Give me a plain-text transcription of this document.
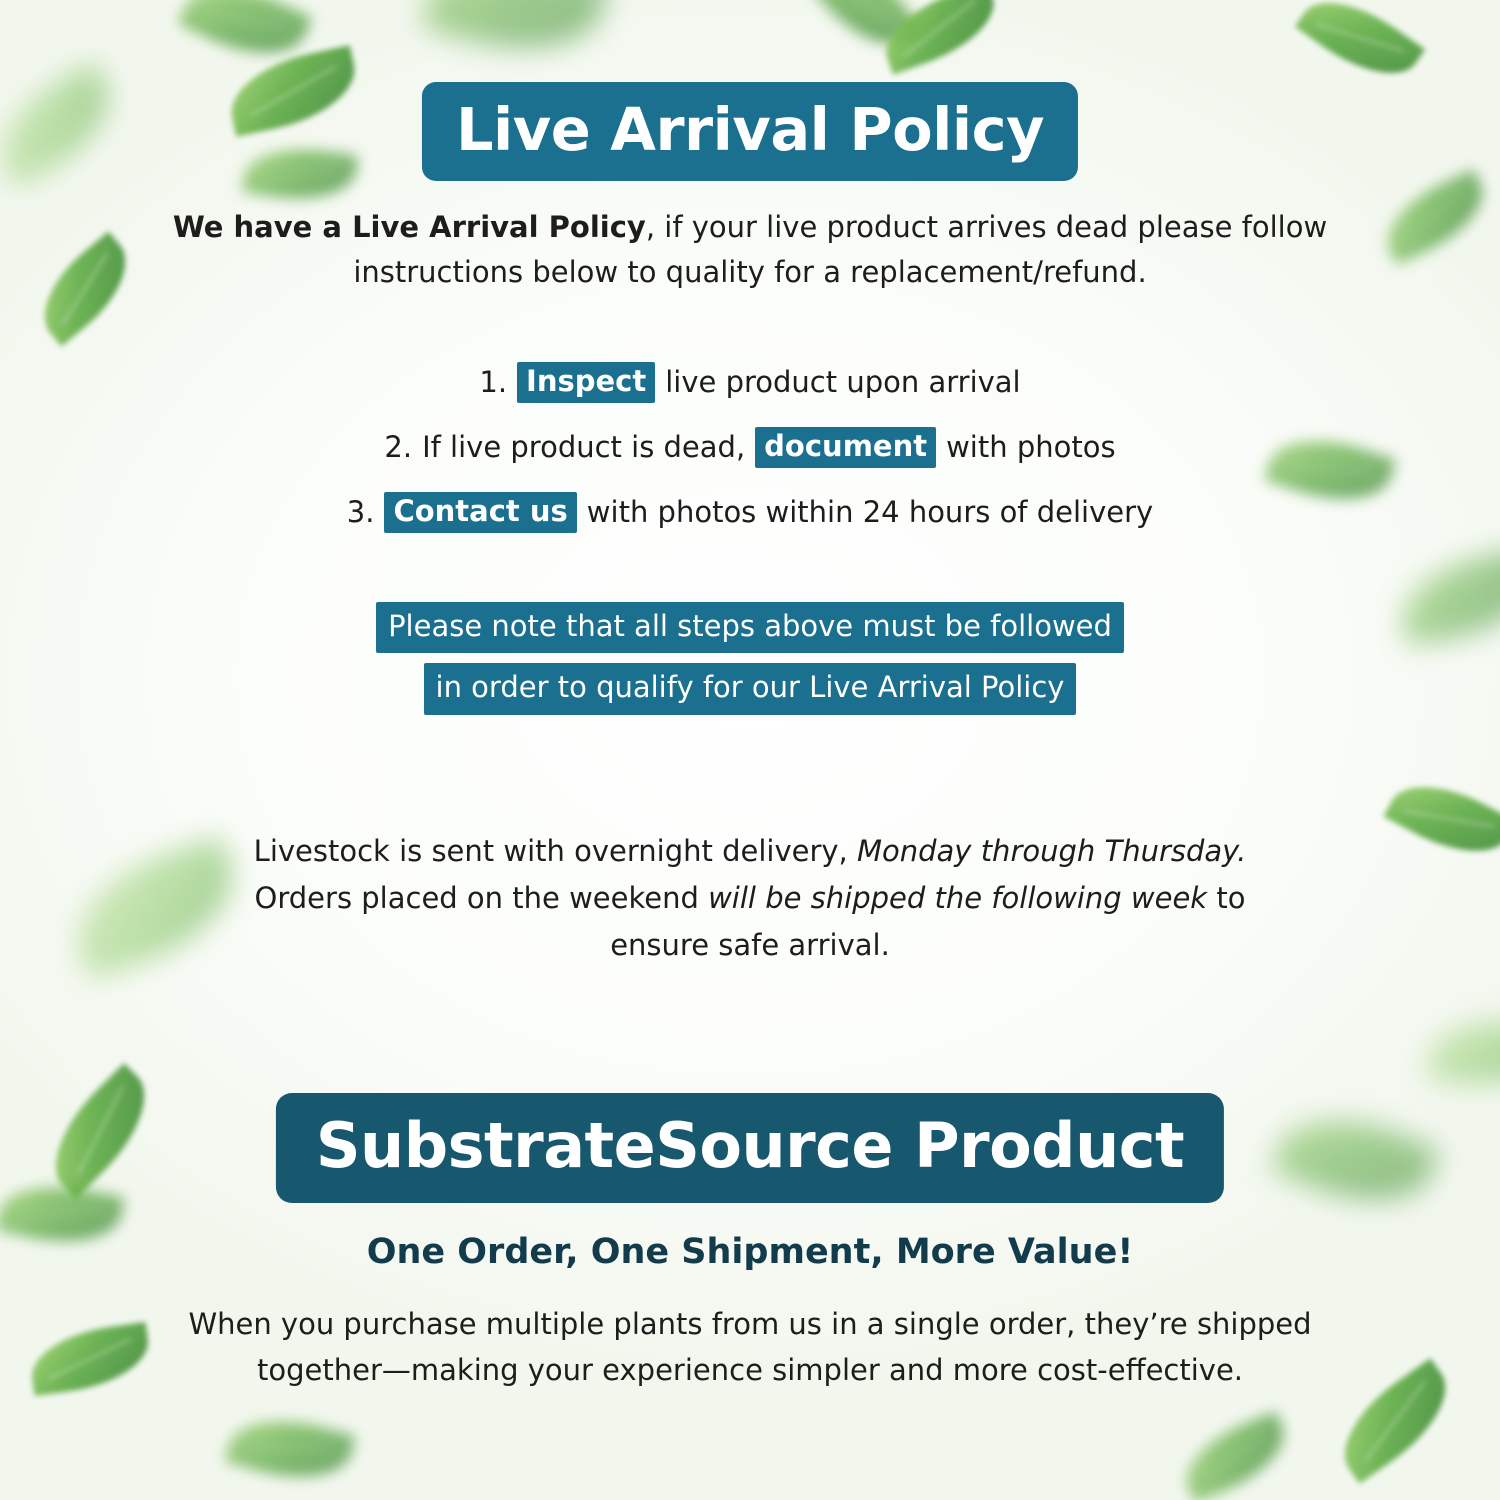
Live Arrival Policy
We have a Live Arrival Policy, if your live product arrives dead please follow instructions below to quality for a replacement/refund.
1. Inspect live product upon arrival
2. If live product is dead, document with photos
3. Contact us with photos within 24 hours of delivery
Please note that all steps above must be followed
in order to qualify for our Live Arrival Policy
Livestock is sent with overnight delivery, Monday through Thursday. Orders placed on the weekend will be shipped the following week to ensure safe arrival.
SubstrateSource Product
One Order, One Shipment, More Value!
When you purchase multiple plants from us in a single order, they’re shipped together—making your experience simpler and more cost-effective.
